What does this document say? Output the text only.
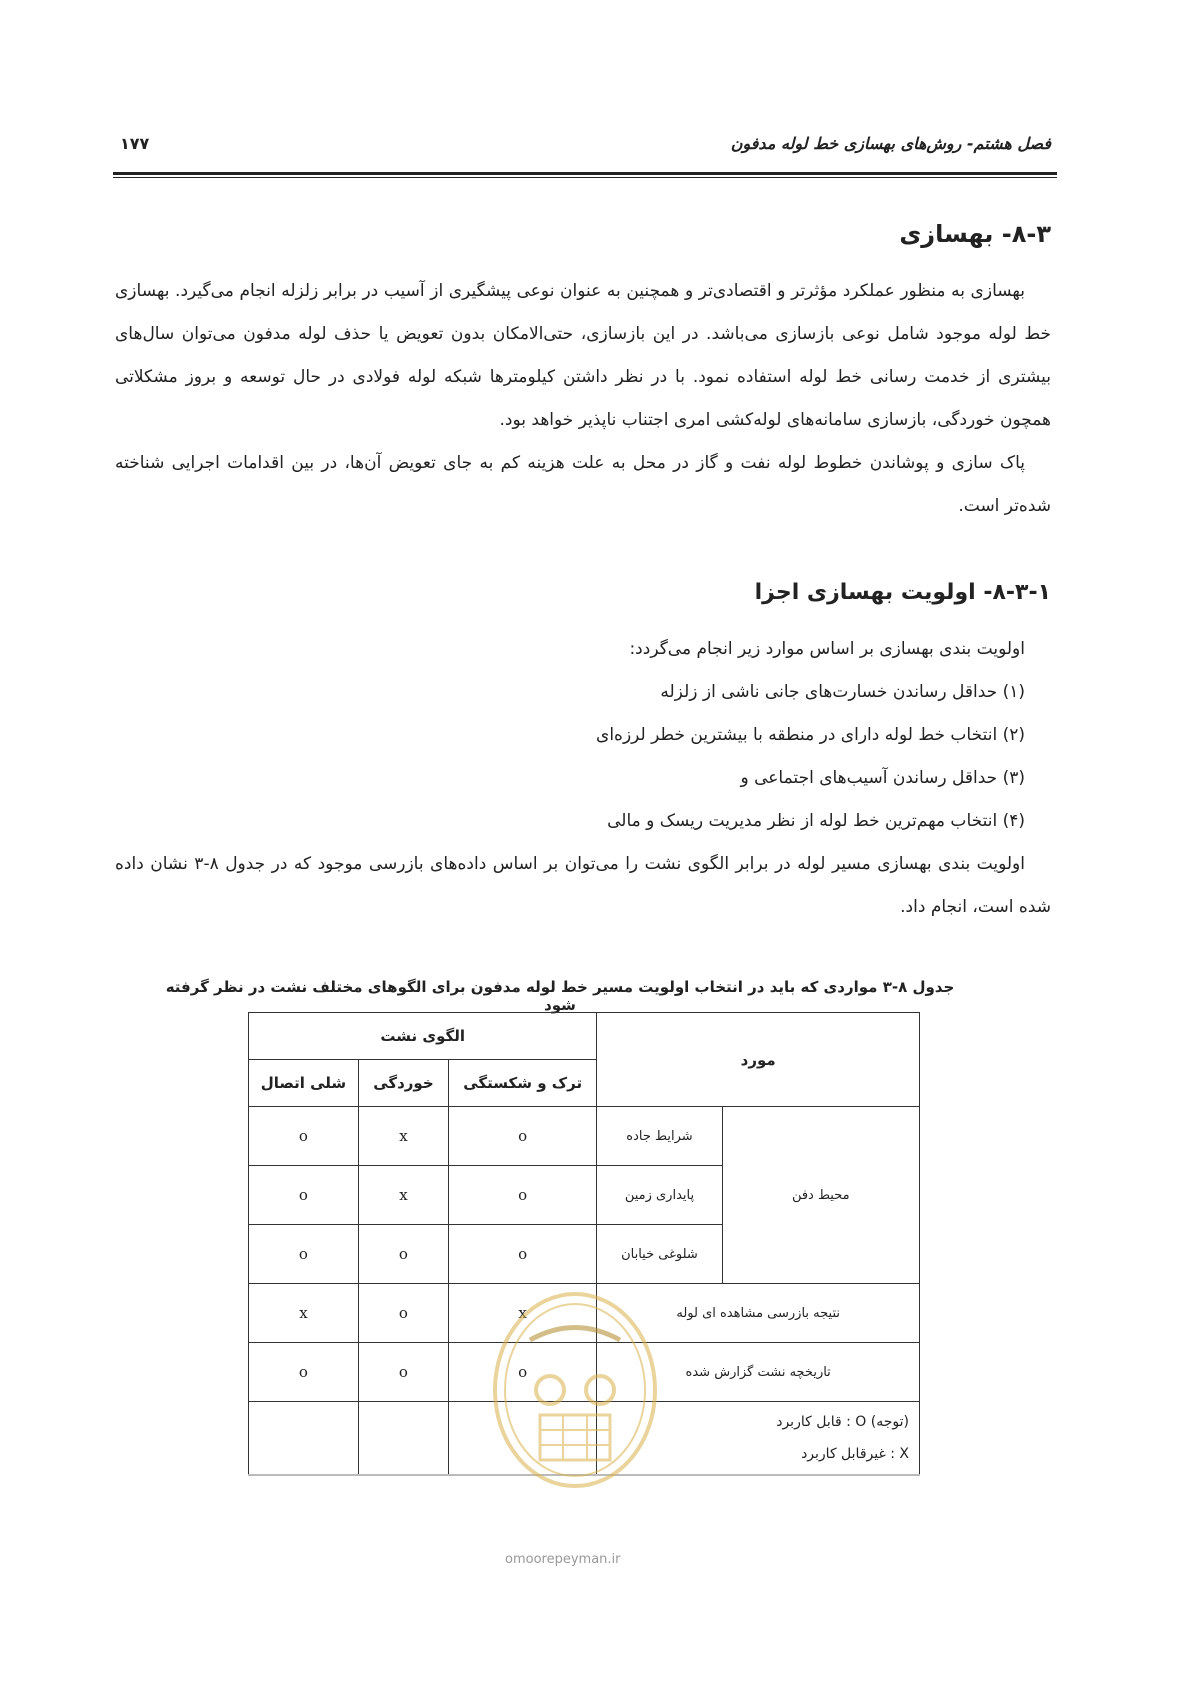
فصل هشتم- روش‌های بهسازی خط لوله مدفون
۱۷۷
۸-۳- بهسازی

بهسازی به منظور عملکرد مؤثرتر و اقتصادی‌تر و همچنین به عنوان نوعی پیشگیری از آسیب در برابر زلزله انجام می‌گیرد. بهسازی خط لوله موجود شامل نوعی بازسازی می‌باشد. در این بازسازی، حتی‌الامکان بدون تعویض یا حذف لوله مدفون می‌توان سال‌های بیشتری از خدمت رسانی خط لوله استفاده نمود. با در نظر داشتن کیلومترها شبکه لوله فولادی در حال توسعه و بروز مشکلاتی همچون خوردگی، بازسازی سامانه‌های لوله‌کشی امری اجتناب ناپذیر خواهد بود.

پاک سازی و پوشاندن خطوط لوله نفت و گاز در محل به علت هزینه کم به جای تعویض آن‌ها، در بین اقدامات اجرایی شناخته شده‌تر است.

۸-۳-۱- اولویت بهسازی اجزا

اولویت بندی بهسازی بر اساس موارد زیر انجام می‌گردد:

(۱) حداقل رساندن خسارت‌های جانی ناشی از زلزله
(۲) انتخاب خط لوله دارای در منطقه با بیشترین خطر لرزه‌ای
(۳) حداقل رساندن آسیب‌های اجتماعی و
(۴) انتخاب مهم‌ترین خط لوله از نظر مدیریت ریسک و مالی

اولویت بندی بهسازی مسیر لوله در برابر الگوی نشت را می‌توان بر اساس داده‌های بازرسی موجود که در جدول ۸-۳ نشان داده شده است، انجام داد.

جدول ۸-۳ مواردی که باید در انتخاب اولویت مسیر خط لوله مدفون برای الگوهای مختلف نشت در نظر گرفته شود
مورد		الگوی نشت		
		ترک و شکستگی	خوردگی	شلی اتصال
محیط دفن	شرایط جاده	o	x	o
	پایداری زمین	o	x	o
	شلوغی خیابان	o	o	o
نتیجه بازرسی مشاهده ای لوله		x	o	x
تاریخچه نشت گزارش شده		o	o	o

(توجه) O : قابل کاربرد
X : غیرقابل کاربرد				

omoorepeyman.ir
